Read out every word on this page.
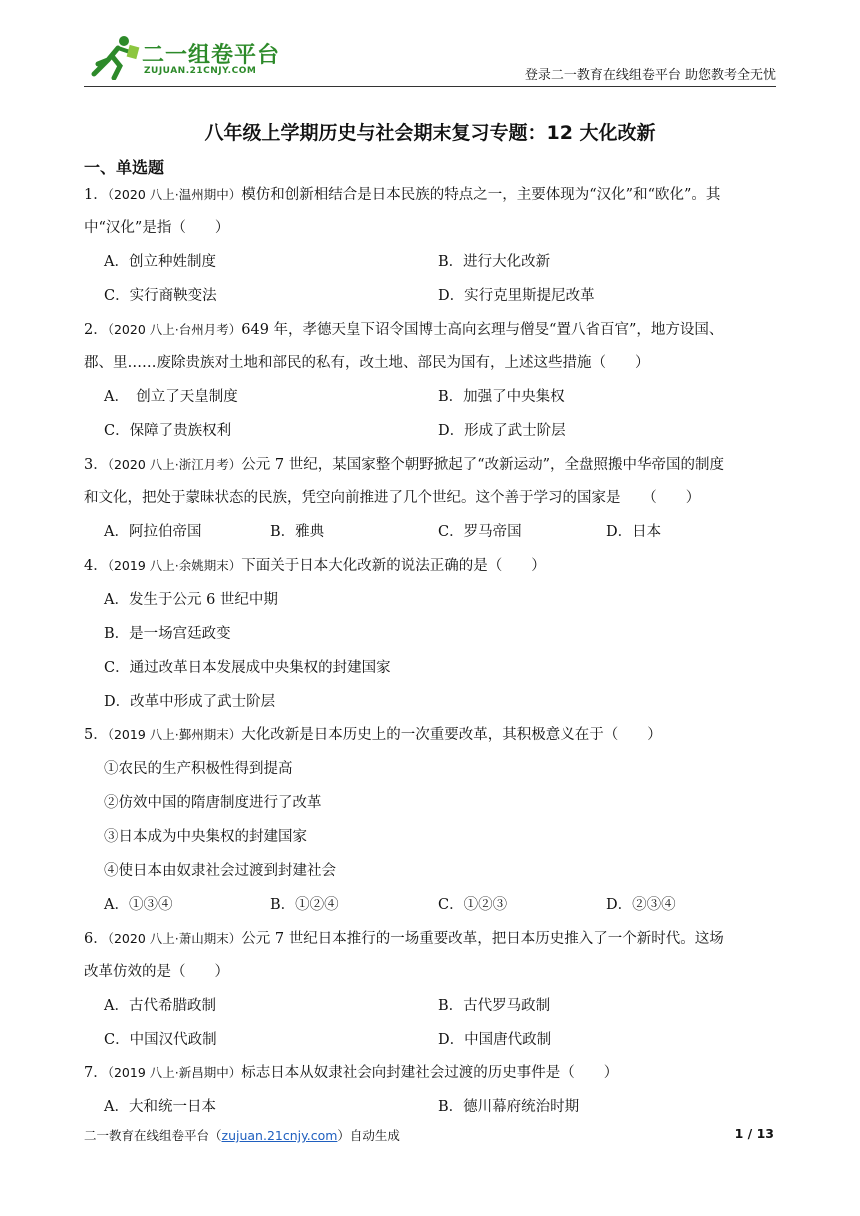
二一组卷平台
ZUJUAN.21CNJY.COM	登录二一教育在线组卷平台 助您教考全无忧
八年级上学期历史与社会期末复习专题：12 大化改新
一、单选题
1．（2020 八上·温州期中）模仿和创新相结合是日本民族的特点之一，主要体现为“汉化”和“欧化”。其
中“汉化”是指（　　）
A．创立种姓制度	B．进行大化改新
C．实行商鞅变法	D．实行克里斯提尼改革
2．（2020 八上·台州月考）649 年，孝德天皇下诏令国博士高向玄理与僧旻“置八省百官”，地方设国、
郡、里……废除贵族对土地和部民的私有，改土地、部民为国有，上述这些措施（　　）
A．　创立了天皇制度	B．加强了中央集权
C．保障了贵族权利	D．形成了武士阶层
3．（2020 八上·浙江月考）公元 7 世纪，某国家整个朝野掀起了“改新运动”，全盘照搬中华帝国的制度
和文化，把处于蒙昧状态的民族，凭空向前推进了几个世纪。这个善于学习的国家是　　（　　）
A．阿拉伯帝国	B．雅典	C．罗马帝国	D．日本
4．（2019 八上·余姚期末）下面关于日本大化改新的说法正确的是（　　）
A．发生于公元 6 世纪中期
B．是一场宫廷政变
C．通过改革日本发展成中央集权的封建国家
D．改革中形成了武士阶层
5．（2019 八上·鄞州期末）大化改新是日本历史上的一次重要改革，其积极意义在于（　　）
①农民的生产积极性得到提高
②仿效中国的隋唐制度进行了改革
③日本成为中央集权的封建国家
④使日本由奴隶社会过渡到封建社会
A．①③④	B．①②④	C．①②③	D．②③④
6．（2020 八上·萧山期末）公元 7 世纪日本推行的一场重要改革，把日本历史推入了一个新时代。这场
改革仿效的是（　　）
A．古代希腊政制	B．古代罗马政制
C．中国汉代政制	D．中国唐代政制
7．（2019 八上·新昌期中）标志日本从奴隶社会向封建社会过渡的历史事件是（　　）
A．大和统一日本	B．德川幕府统治时期
二一教育在线组卷平台（zujuan.21cnjy.com）自动生成	1 / 13
